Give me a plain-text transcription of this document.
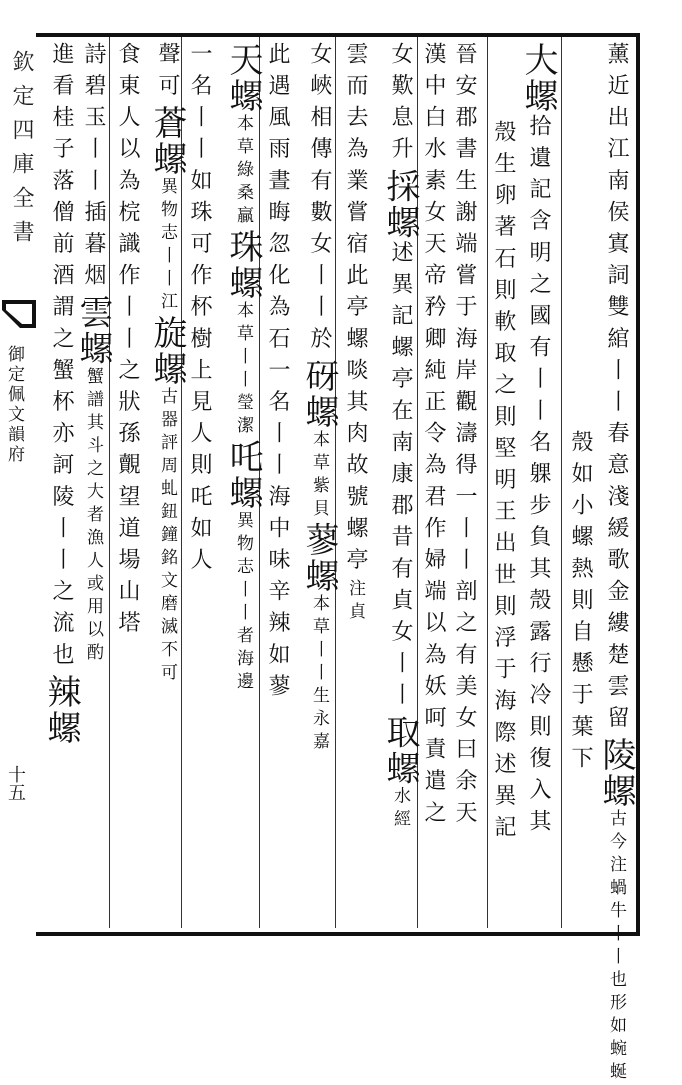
薰近出江南侯寘詞雙綰丨丨春意淺緩歌金縷楚雲留陵螺古今注蝸牛丨丨也形如蜿蜒
殼如小螺熱則自懸于葉下
大螺拾遺記含明之國有丨丨名躶步負其殼露行冷則復入其
殼生卵著石則軟取之則堅明王出世則浮于海際述異記
晉安郡書生謝端嘗于海岸觀濤得一丨丨剖之有美女曰余天
漢中白水素女天帝矜卿純正令為君作婦端以為妖呵責遣之
女歎息升採螺述異記螺亭在南康郡昔有貞女丨丨取螺水經
雲而去為業嘗宿此亭螺啖其肉故號螺亭注貞
女峽相傳有數女丨丨於砑螺本草紫貝蓼螺本草丨丨生永嘉
此遇風雨晝晦忽化為石一名丨丨海中味辛辣如蓼
天螺本草綠桑贏珠螺本草丨丨瑩潔吒螺異物志丨丨者海邊
一名丨丨如珠可作杯樹上見人則吒如人
聲可蒼螺異物志丨丨江旋螺古器評周虬鈕鐘銘文磨滅不可
食東人以為梡識作丨丨之狀孫覿望道場山塔
詩碧玉丨丨插暮烟雲螺蟹譜其斗之大者漁人或用以酌
進看桂子落僧前酒謂之蟹杯亦訶陵丨丨之流也辣螺
欽定四庫全書
御定佩文韻府
十五
